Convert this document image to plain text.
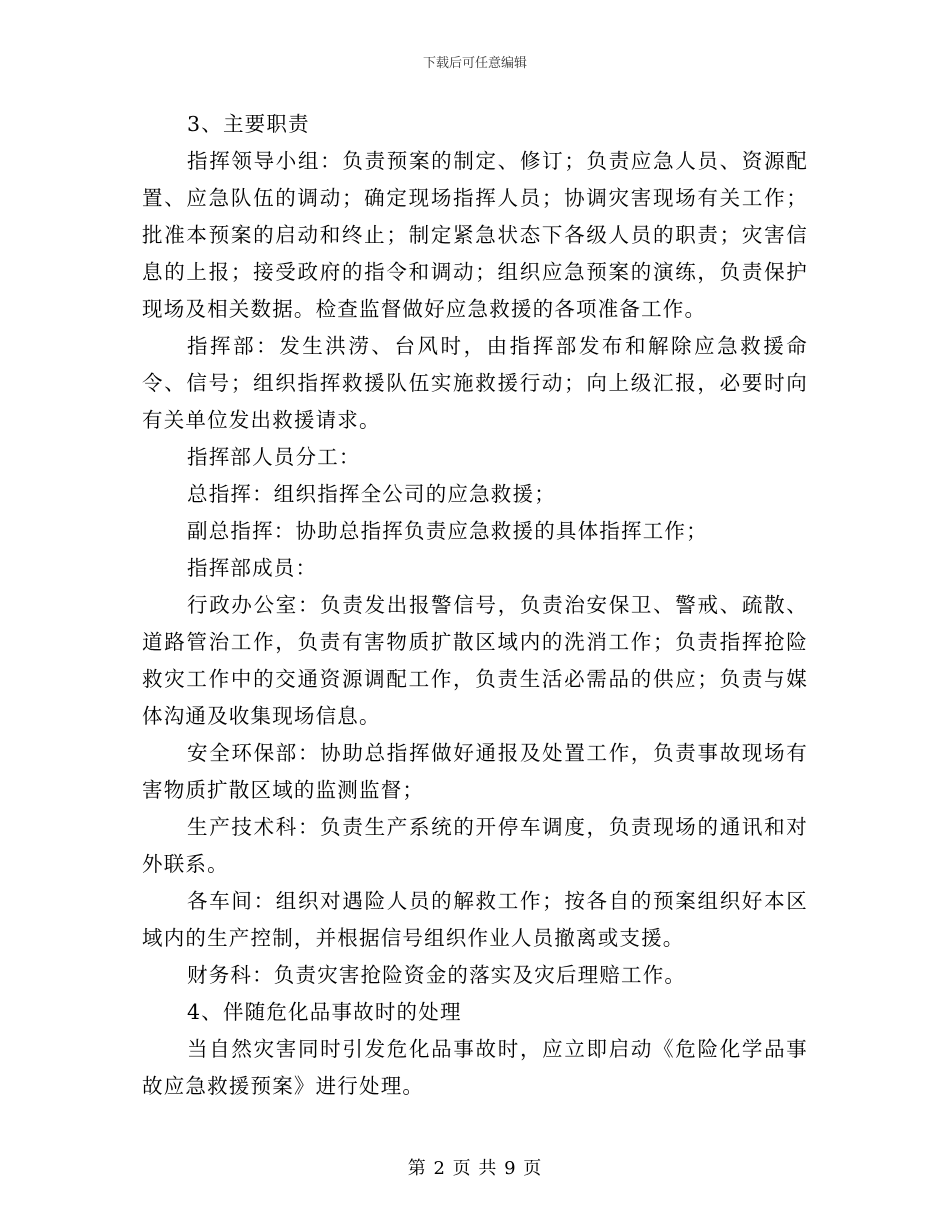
下载后可任意编辑

3、主要职责

指挥领导小组：负责预案的制定、修订；负责应急人员、资源配置、应急队伍的调动；确定现场指挥人员；协调灾害现场有关工作；批准本预案的启动和终止；制定紧急状态下各级人员的职责；灾害信息的上报；接受政府的指令和调动；组织应急预案的演练，负责保护现场及相关数据。检查监督做好应急救援的各项准备工作。

指挥部：发生洪涝、台风时，由指挥部发布和解除应急救援命令、信号；组织指挥救援队伍实施救援行动；向上级汇报，必要时向有关单位发出救援请求。

指挥部人员分工：

总指挥：组织指挥全公司的应急救援；

副总指挥：协助总指挥负责应急救援的具体指挥工作；

指挥部成员：

行政办公室：负责发出报警信号，负责治安保卫、警戒、疏散、道路管治工作，负责有害物质扩散区域内的洗消工作；负责指挥抢险救灾工作中的交通资源调配工作，负责生活必需品的供应；负责与媒体沟通及收集现场信息。

安全环保部：协助总指挥做好通报及处置工作，负责事故现场有害物质扩散区域的监测监督；

生产技术科：负责生产系统的开停车调度，负责现场的通讯和对外联系。

各车间：组织对遇险人员的解救工作；按各自的预案组织好本区域内的生产控制，并根据信号组织作业人员撤离或支援。

财务科：负责灾害抢险资金的落实及灾后理赔工作。

4、伴随危化品事故时的处理

当自然灾害同时引发危化品事故时，应立即启动《危险化学品事故应急救援预案》进行处理。

第 2 页 共 9 页
